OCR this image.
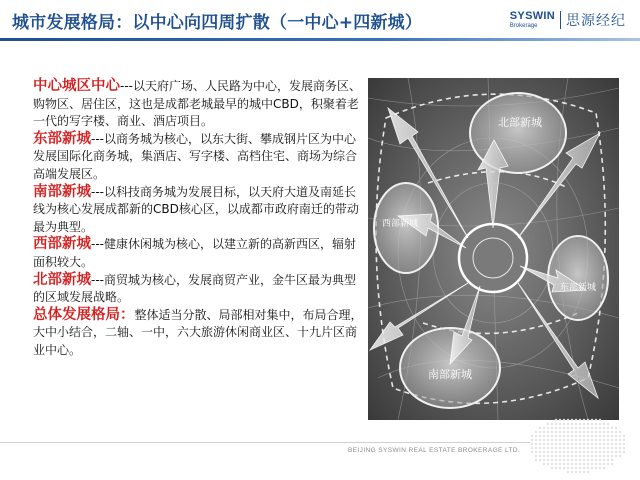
城市发展格局：以中心向四周扩散（一中心+四新城）	SYSWIN
Brokerage 思源经纪

中心城区中心---以天府广场、人民路为中心，发展商务区、购物区、居住区，这也是成都老城最早的城中CBD，积聚着老一代的写字楼、商业、酒店项目。

东部新城---以商务城为核心，以东大街、攀成钢片区为中心发展国际化商务城，集酒店、写字楼、高档住宅、商场为综合高端发展区。

南部新城---以科技商务城为发展目标，以天府大道及南延长线为核心发展成都新的CBD核心区，以成都市政府南迁的带动最为典型。

西部新城---健康休闲城为核心，以建立新的高新西区，辐射面积较大。

北部新城---商贸城为核心，发展商贸产业，金牛区最为典型的区域发展战略。

总体发展格局：整体适当分散、局部相对集中，布局合理，大中小结合，二轴、一中，六大旅游休闲商业区、十九片区商业中心。

北部新城
西部新城
东部新城
南部新城
BEIJING SYSWIN REAL ESTATE BROKERAGE LTD.
